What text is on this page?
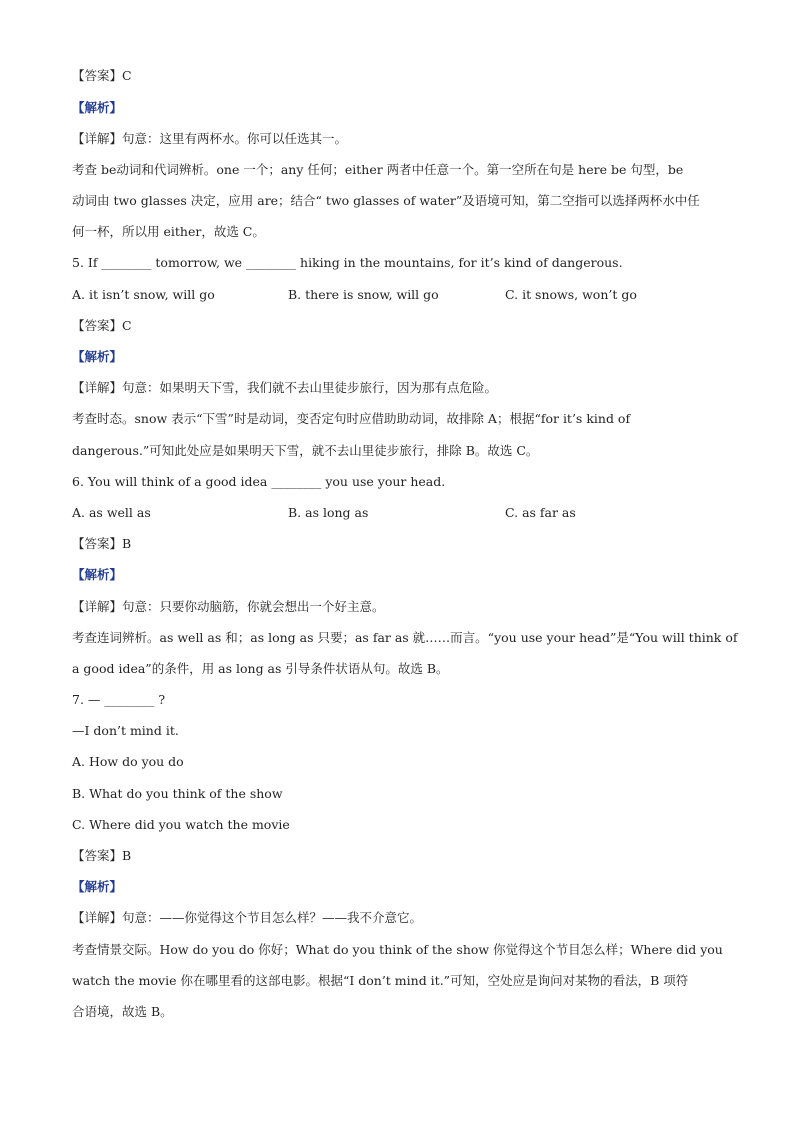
【答案】C
【解析】
【详解】句意：这里有两杯水。你可以任选其一。
考查 be动词和代词辨析。one 一个；any 任何；either 两者中任意一个。第一空所在句是 here be 句型，be
动词由 two glasses 决定，应用 are；结合“ two glasses of water”及语境可知，第二空指可以选择两杯水中任
何一杯，所以用 either，故选 C。
5. If ________ tomorrow, we ________ hiking in the mountains, for it’s kind of dangerous.
A. it isn’t snow, will go	B. there is snow, will go	C. it snows, won’t go
【答案】C
【解析】
【详解】句意：如果明天下雪，我们就不去山里徒步旅行，因为那有点危险。
考查时态。snow 表示“下雪”时是动词，变否定句时应借助助动词，故排除 A；根据“for it’s kind of
dangerous.”可知此处应是如果明天下雪，就不去山里徒步旅行，排除 B。故选 C。
6. You will think of a good idea ________ you use your head.
A. as well as	B. as long as	C. as far as
【答案】B
【解析】
【详解】句意：只要你动脑筋，你就会想出一个好主意。
考查连词辨析。as well as 和；as long as 只要；as far as 就……而言。“you use your head”是“You will think of
a good idea”的条件，用 as long as 引导条件状语从句。故选 B。
7. — ________ ?
—I don’t mind it.
A. How do you do
B. What do you think of the show
C. Where did you watch the movie
【答案】B
【解析】
【详解】句意：——你觉得这个节目怎么样？——我不介意它。
考查情景交际。How do you do 你好；What do you think of the show 你觉得这个节目怎么样；Where did you
watch the movie 你在哪里看的这部电影。根据“I don’t mind it.”可知，空处应是询问对某物的看法，B 项符
合语境，故选 B。
